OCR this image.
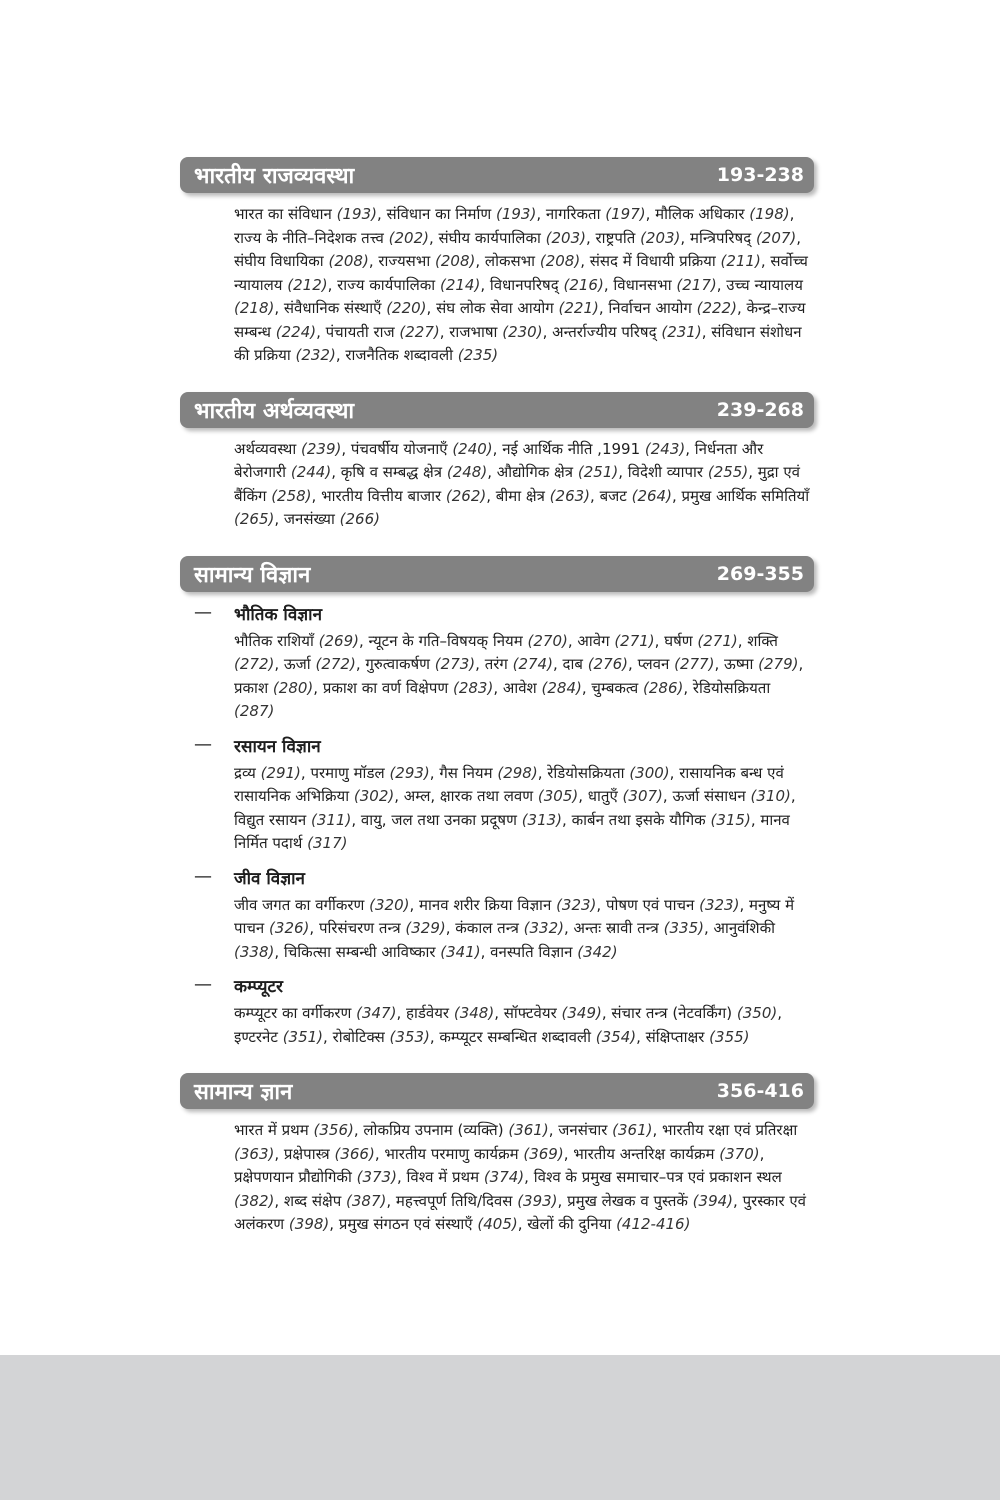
भारतीय राजव्यवस्था	193-238
भारत का संविधान (193), संविधान का निर्माण (193), नागरिकता (197), मौलिक अधिकार (198), राज्य के नीति–निदेशक तत्त्व (202), संघीय कार्यपालिका (203), राष्ट्रपति (203), मन्त्रिपरिषद् (207), संघीय विधायिका (208), राज्यसभा (208), लोकसभा (208), संसद में विधायी प्रक्रिया (211), सर्वोच्च न्यायालय (212), राज्य कार्यपालिका (214), विधानपरिषद् (216), विधानसभा (217), उच्च न्यायालय (218), संवैधानिक संस्थाएँ (220), संघ लोक सेवा आयोग (221), निर्वाचन आयोग (222), केन्द्र–राज्य सम्बन्ध (224), पंचायती राज (227), राजभाषा (230), अन्तर्राज्यीय परिषद् (231), संविधान संशोधन की प्रक्रिया (232), राजनैतिक शब्दावली (235)
भारतीय अर्थव्यवस्था	239-268
अर्थव्यवस्था (239), पंचवर्षीय योजनाएँ (240), नई आर्थिक नीति ,1991 (243), निर्धनता और बेरोजगारी (244), कृषि व सम्बद्ध क्षेत्र (248), औद्योगिक क्षेत्र (251), विदेशी व्यापार (255), मुद्रा एवं बैंकिंग (258), भारतीय वित्तीय बाजार (262), बीमा क्षेत्र (263), बजट (264), प्रमुख आर्थिक समितियाँ (265), जनसंख्या (266)
सामान्य विज्ञान	269-355
— भौतिक विज्ञान
भौतिक राशियाँ (269), न्यूटन के गति–विषयक् नियम (270), आवेग (271), घर्षण (271), शक्ति (272), ऊर्जा (272), गुरुत्वाकर्षण (273), तरंग (274), दाब (276), प्लवन (277), ऊष्मा (279), प्रकाश (280), प्रकाश का वर्ण विक्षेपण (283), आवेश (284), चुम्बकत्व (286), रेडियोसक्रियता (287)
— रसायन विज्ञान
द्रव्य (291), परमाणु मॉडल (293), गैस नियम (298), रेडियोसक्रियता (300), रासायनिक बन्ध एवं रासायनिक अभिक्रिया (302), अम्ल, क्षारक तथा लवण (305), धातुएँ (307), ऊर्जा संसाधन (310), विद्युत रसायन (311), वायु, जल तथा उनका प्रदूषण (313), कार्बन तथा इसके यौगिक (315), मानव निर्मित पदार्थ (317)
— जीव विज्ञान
जीव जगत का वर्गीकरण (320), मानव शरीर क्रिया विज्ञान (323), पोषण एवं पाचन (323), मनुष्य में पाचन (326), परिसंचरण तन्त्र (329), कंकाल तन्त्र (332), अन्तः स्रावी तन्त्र (335), आनुवंशिकी (338), चिकित्सा सम्बन्धी आविष्कार (341), वनस्पति विज्ञान (342)
— कम्प्यूटर
कम्प्यूटर का वर्गीकरण (347), हार्डवेयर (348), सॉफ्टवेयर (349), संचार तन्त्र (नेटवर्किंग) (350), इण्टरनेट (351), रोबोटिक्स (353), कम्प्यूटर सम्बन्धित शब्दावली (354), संक्षिप्ताक्षर (355)
सामान्य ज्ञान	356-416
भारत में प्रथम (356), लोकप्रिय उपनाम (व्यक्ति) (361), जनसंचार (361), भारतीय रक्षा एवं प्रतिरक्षा (363), प्रक्षेपास्त्र (366), भारतीय परमाणु कार्यक्रम (369), भारतीय अन्तरिक्ष कार्यक्रम (370), प्रक्षेपणयान प्रौद्योगिकी (373), विश्व में प्रथम (374), विश्व के प्रमुख समाचार–पत्र एवं प्रकाशन स्थल (382), शब्द संक्षेप (387), महत्त्वपूर्ण तिथि/दिवस (393), प्रमुख लेखक व पुस्तकें (394), पुरस्कार एवं अलंकरण (398), प्रमुख संगठन एवं संस्थाएँ (405), खेलों की दुनिया (412-416)
